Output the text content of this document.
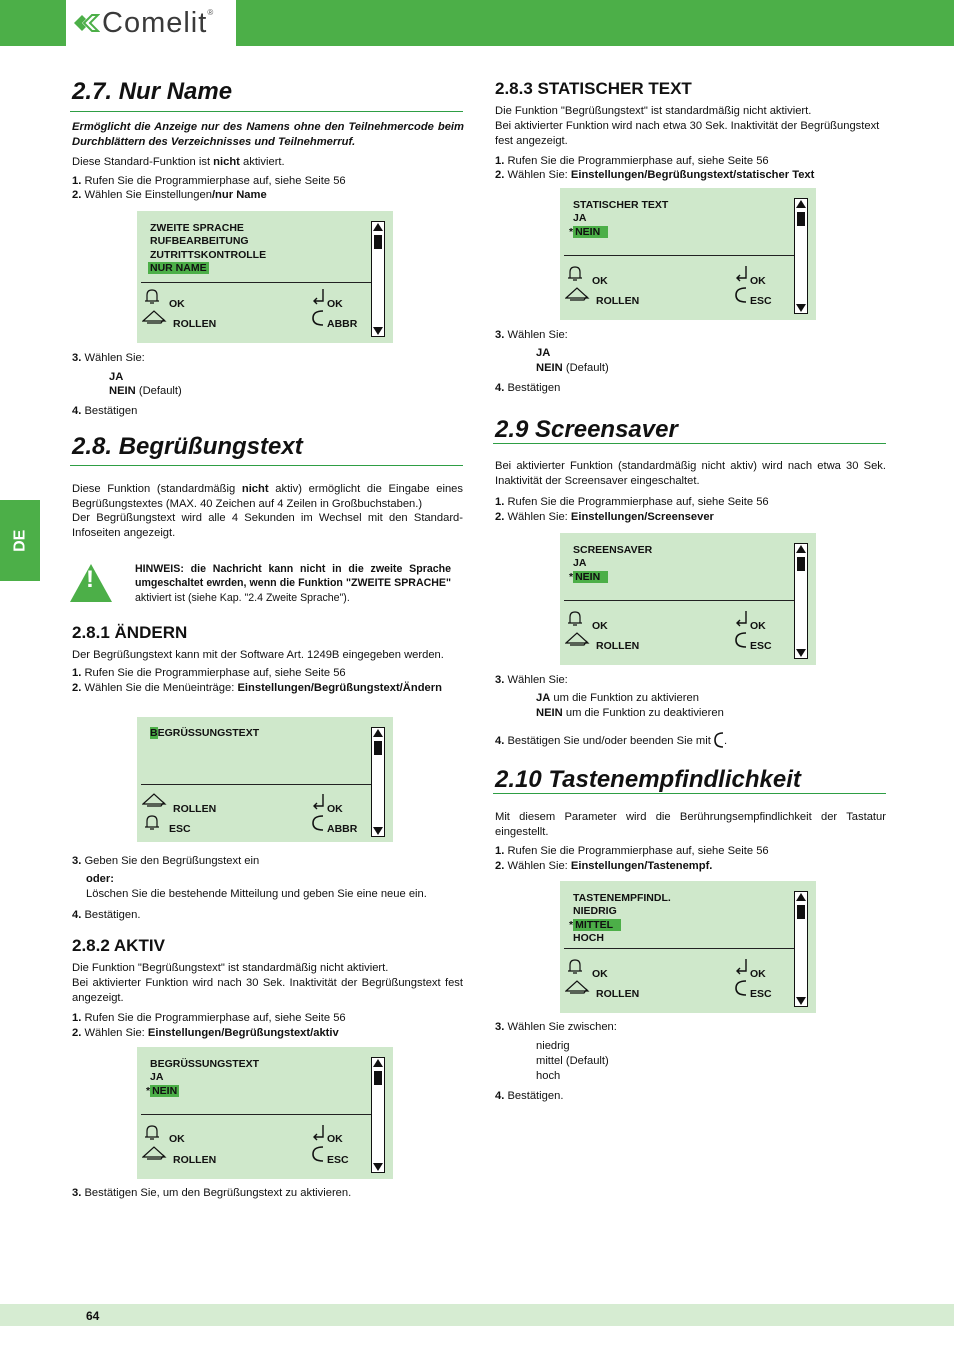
Comelit ®
DE
2.7. Nur Name
Ermöglicht die Anzeige nur des Namens ohne den Teilnehmercode beim Durchblättern des Verzeichnisses und Teilnehmerruf.
Diese Standard-Funktion ist nicht aktiviert.
1. Rufen Sie die Programmierphase auf, siehe Seite 56
2. Wählen Sie Einstellungen/nur Name
ZWEITE SPRACHE
RUFBEARBEITUNG
ZUTRITTSKONTROLLE
NUR NAME
OK
ROLLEN
OK
ABBR
3. Wählen Sie:
JA
NEIN (Default)
4. Bestätigen
2.8. Begrüßungstext
Diese Funktion (standardmäßig nicht aktiv) ermöglicht die Eingabe eines Begrüßungstextes (MAX. 40 Zeichen auf 4 Zeilen in Großbuchstaben.)
Der Begrüßungstext wird alle 4 Sekunden im Wechsel mit den Standard-Infoseiten angezeigt.
!	HINWEIS: die Nachricht kann nicht in die zweite Sprache umgeschaltet ewrden, wenn die Funktion "ZWEITE SPRACHE" aktiviert ist (siehe Kap. "2.4 Zweite Sprache").
2.8.1 ÄNDERN
Der Begrüßungstext kann mit der Software Art. 1249B eingegeben werden.
1. Rufen Sie die Programmierphase auf, siehe Seite 56
2. Wählen Sie die Menüeinträge: Einstellungen/Begrüßungstext/Ändern
BEGRÜSSUNGSTEXT
ROLLEN
ESC
OK
ABBR
3. Geben Sie den Begrüßungstext ein
oder:
Löschen Sie die bestehende Mitteilung und geben Sie eine neue ein.
4. Bestätigen.
2.8.2 AKTIV
Die Funktion "Begrüßungstext" ist standardmäßig nicht aktiviert.
Bei aktivierter Funktion wird nach 30 Sek. Inaktivität der Begrüßungstext fest angezeigt.
1. Rufen Sie die Programmierphase auf, siehe Seite 56
2. Wählen Sie: Einstellungen/Begrüßungstext/aktiv
BEGRÜSSUNGSTEXT
JA
* NEIN
OK
ROLLEN
OK
ESC
3. Bestätigen Sie, um den Begrüßungstext zu aktivieren.
2.8.3 STATISCHER TEXT
Die Funktion "Begrüßungstext" ist standardmäßig nicht aktiviert.
Bei aktivierter Funktion wird nach etwa 30 Sek. Inaktivität der Begrüßungstext fest angezeigt.
1. Rufen Sie die Programmierphase auf, siehe Seite 56
2. Wählen Sie: Einstellungen/Begrüßungstext/statischer Text
STATISCHER TEXT
JA
* NEIN
OK
ROLLEN
OK
ESC
3. Wählen Sie:
JA
NEIN (Default)
4. Bestätigen
2.9 Screensaver
Bei aktivierter Funktion (standardmäßig nicht aktiv) wird nach etwa 30 Sek. Inaktivität der Screensaver eingeschaltet.
1. Rufen Sie die Programmierphase auf, siehe Seite 56
2. Wählen Sie: Einstellungen/Screensever
SCREENSAVER
JA
* NEIN
OK
ROLLEN
OK
ESC
3. Wählen Sie:
JA um die Funktion zu aktivieren
NEIN um die Funktion zu deaktivieren
4. Bestätigen Sie und/oder beenden Sie mit .
2.10 Tastenempfindlichkeit
Mit diesem Parameter wird die Berührungsempfindlichkeit der Tastatur eingestellt.
1. Rufen Sie die Programmierphase auf, siehe Seite 56
2. Wählen Sie: Einstellungen/Tastenempf.
TASTENEMPFINDL.
NIEDRIG
* MITTEL
HOCH
OK
ROLLEN
OK
ESC
3. Wählen Sie zwischen:
niedrig
mittel (Default)
hoch
4. Bestätigen.
64
